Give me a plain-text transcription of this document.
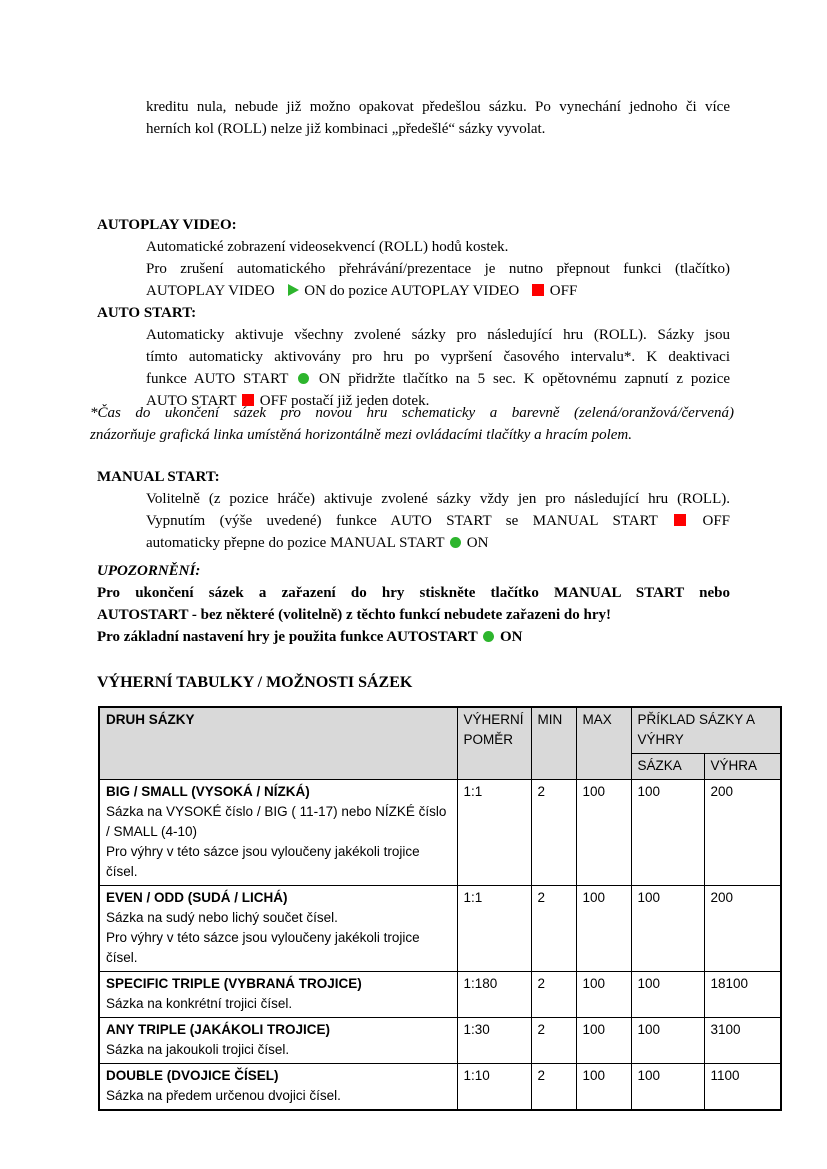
kreditu nula, nebude již možno opakovat předešlou sázku. Po vynechání jednoho či více
herních kol (ROLL) nelze již kombinaci „předešlé“ sázky vyvolat.
AUTOPLAY VIDEO:
Automatické zobrazení videosekvencí (ROLL) hodů kostek.
Pro zrušení automatického přehrávání/prezentace je nutno přepnout funkci (tlačítko)
AUTOPLAY VIDEO ON do pozice AUTOPLAY VIDEO OFF
AUTO START:
Automaticky aktivuje všechny zvolené sázky pro následující hru (ROLL). Sázky jsou
tímto automaticky aktivovány pro hru po vypršení časového intervalu*. K deaktivaci
funkce AUTO START ON přidržte tlačítko na 5 sec. K opětovnému zapnutí z pozice
AUTO START OFF postačí již jeden dotek.
*Čas do ukončení sázek pro novou hru schematicky a barevně (zelená/oranžová/červená)
znázorňuje grafická linka umístěná horizontálně mezi ovládacími tlačítky a hracím polem.
MANUAL START:
Volitelně (z pozice hráče) aktivuje zvolené sázky vždy jen pro následující hru (ROLL).
Vypnutím (výše uvedené) funkce AUTO START se MANUAL START	OFF
automaticky přepne do pozice MANUAL START ON
UPOZORNĚNÍ:
Pro ukončení sázek a zařazení do hry stiskněte tlačítko MANUAL START nebo
AUTOSTART - bez některé (volitelně) z těchto funkcí nebudete zařazeni do hry!
Pro základní nastavení hry je použita funkce AUTOSTART ON
VÝHERNÍ TABULKY / MOŽNOSTI SÁZEK
DRUH SÁZKY	VÝHERNÍ POMĚR	MIN	MAX	PŘÍKLAD SÁZKY A VÝHRY	
				SÁZKA	VÝHRA

BIG / SMALL (VYSOKÁ / NÍZKÁ)
Sázka na VYSOKÉ číslo / BIG ( 11-17) nebo NÍZKÉ číslo / SMALL (4-10)
Pro výhry v této sázce jsou vyloučeny jakékoli trojice čísel.	1:1	2	100	100	200

EVEN / ODD (SUDÁ / LICHÁ)
Sázka na sudý nebo lichý součet čísel.
Pro výhry v této sázce jsou vyloučeny jakékoli trojice čísel.	1:1	2	100	100	200

SPECIFIC TRIPLE (VYBRANÁ TROJICE)
Sázka na konkrétní trojici čísel.	1:180	2	100	100	18100

ANY TRIPLE (JAKÁKOLI TROJICE)
Sázka na jakoukoli trojici čísel.	1:30	2	100	100	3100

DOUBLE (DVOJICE ČÍSEL)
Sázka na předem určenou dvojici čísel.	1:10	2	100	100	1100
